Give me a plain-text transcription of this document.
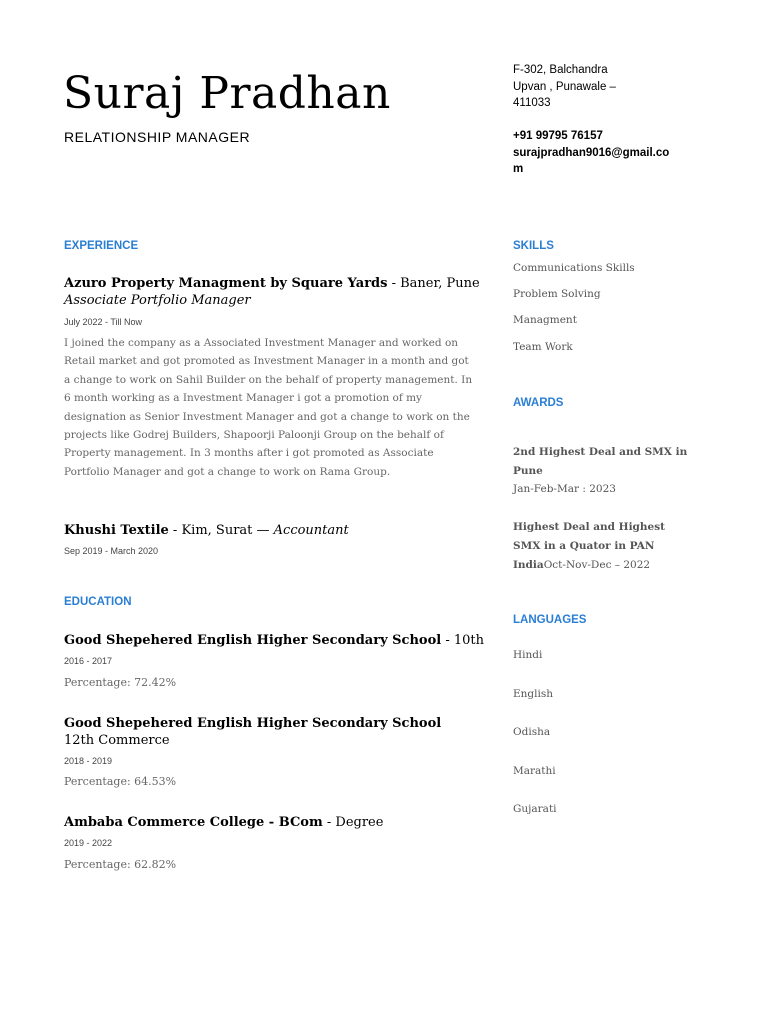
Suraj Pradhan
RELATIONSHIP MANAGER
F-302, Balchandra
Upvan , Punawale –
411033
+91 99795 76157
surajpradhan9016@gmail.co
m
EXPERIENCE
Azuro Property Managment by Square Yards - Baner, Pune
Associate Portfolio Manager
July 2022 - Till Now
I joined the company as a Associated Investment Manager and worked on Retail market and got promoted as Investment Manager in a month and got a change to work on Sahil Builder on the behalf of property management. In 6 month working as a Investment Manager i got a promotion of my designation as Senior Investment Manager and got a change to work on the projects like Godrej Builders, Shapoorji Paloonji Group on the behalf of Property management. In 3 months after i got promoted as Associate Portfolio Manager and got a change to work on Rama Group.
Khushi Textile - Kim, Surat — Accountant
Sep 2019 - March 2020
EDUCATION
Good Shepehered English Higher Secondary School - 10th
2016 - 2017
Percentage: 72.42%
Good Shepehered English Higher Secondary School
12th Commerce
2018 - 2019
Percentage: 64.53%
Ambaba Commerce College - BCom - Degree
2019 - 2022
Percentage: 62.82%
SKILLS
Communications Skills
Problem Solving
Managment
Team Work
AWARDS
2nd Highest Deal and SMX in Pune
Jan-Feb-Mar : 2023
Highest Deal and Highest SMX in a Quator in PAN IndiaOct-Nov-Dec – 2022
LANGUAGES
Hindi
English
Odisha
Marathi
Gujarati
